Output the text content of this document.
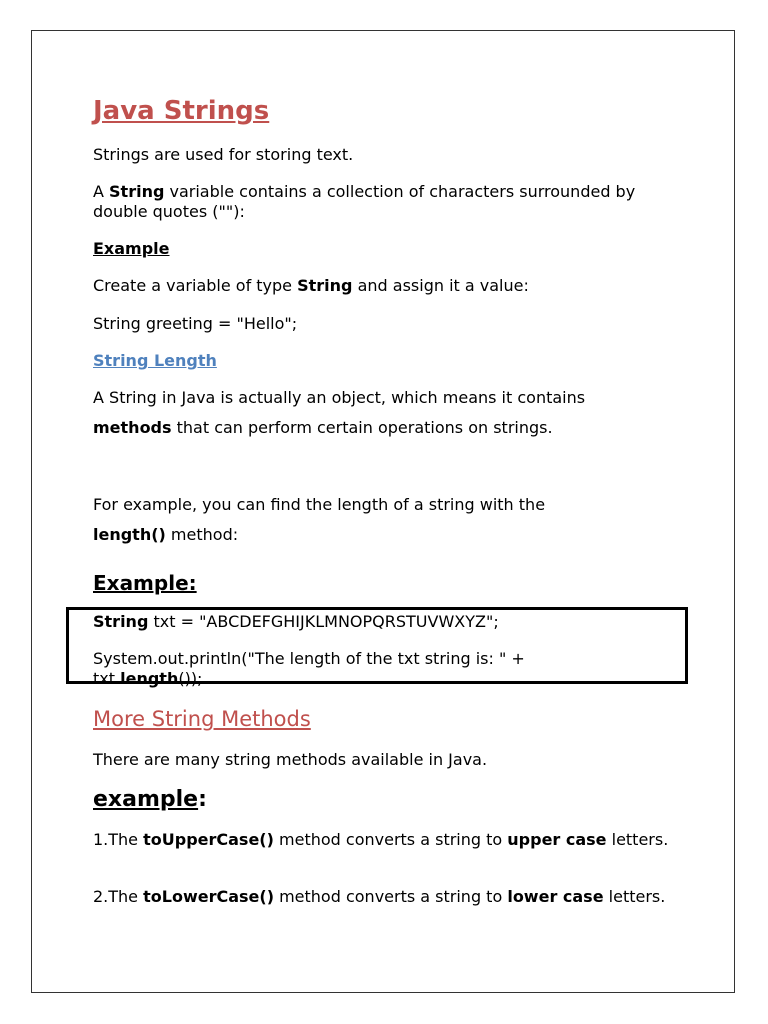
Java Strings

Strings are used for storing text.

A String variable contains a collection of characters surrounded by double quotes (""):

Example

Create a variable of type String and assign it a value:

String greeting = "Hello";

String Length

A String in Java is actually an object, which means it contains methods that can perform certain operations on strings.

For example, you can find the length of a string with the length() method:

Example:

String txt = "ABCDEFGHIJKLMNOPQRSTUVWXYZ";

System.out.println("The length of the txt string is: " + txt.length());

More String Methods

There are many string methods available in Java.

example:

1.The toUpperCase() method converts a string to upper case letters.

2.The toLowerCase() method converts a string to lower case letters.
